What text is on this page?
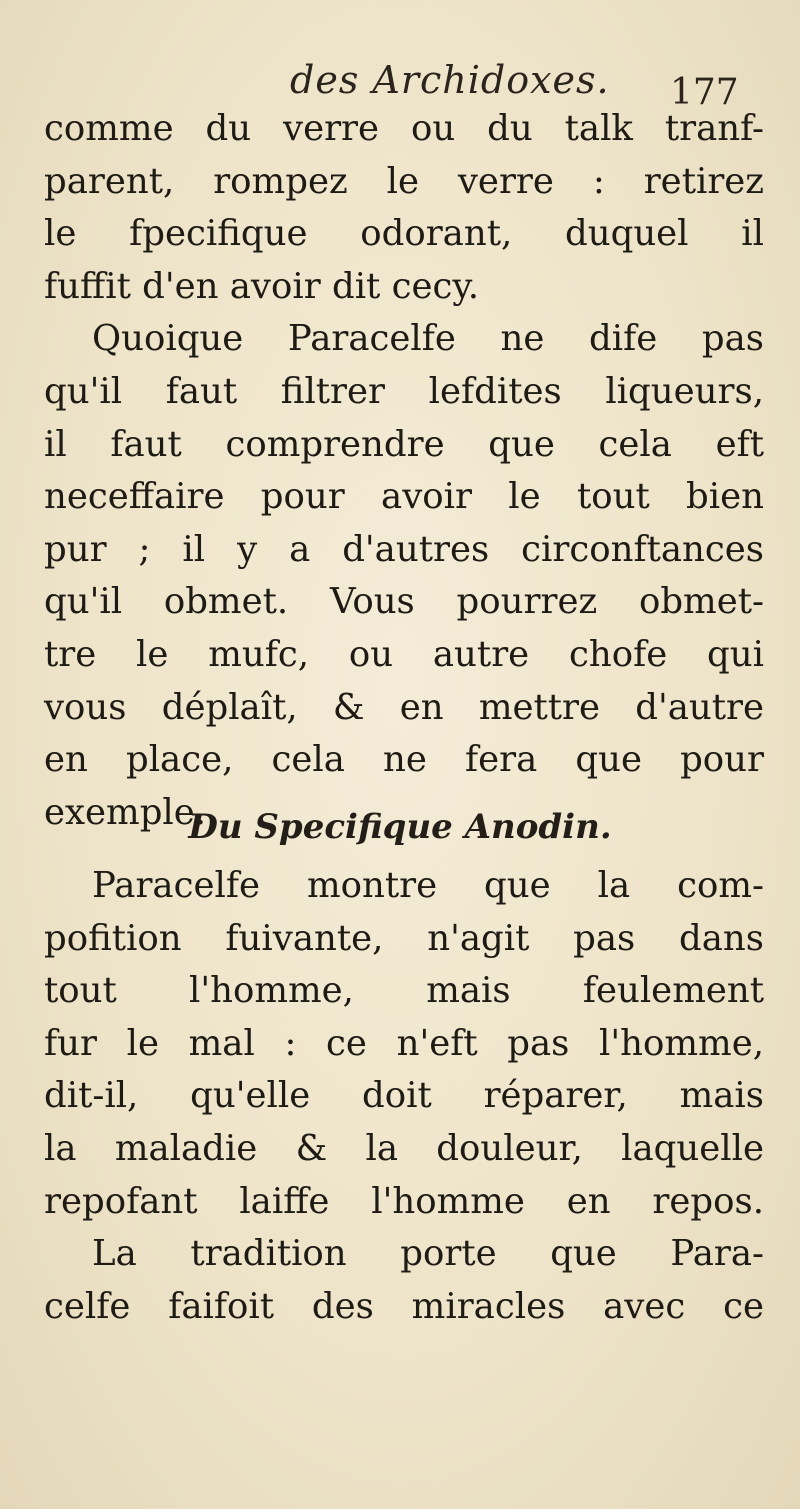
des Archidoxes. 177
comme du verre ou du talk tranf-
parent, rompez le verre : retirez
le fpecifique odorant, duquel il
fuffit d'en avoir dit cecy.
Quoique Paracelfe ne dife pas
qu'il faut filtrer lefdites liqueurs,
il faut comprendre que cela eft
neceffaire pour avoir le tout bien
pur ; il y a d'autres circonftances
qu'il obmet. Vous pourrez obmet-
tre le mufc, ou autre chofe qui
vous déplaît, & en mettre d'autre
en place, cela ne fera que pour
exemple.
Du Specifique Anodin.
Paracelfe montre que la com-
pofition fuivante, n'agit pas dans
tout l'homme, mais feulement
fur le mal : ce n'eft pas l'homme,
dit-il, qu'elle doit réparer, mais
la maladie & la douleur, laquelle
repofant laiffe l'homme en repos.
La tradition porte que Para-
celfe faifoit des miracles avec ce
